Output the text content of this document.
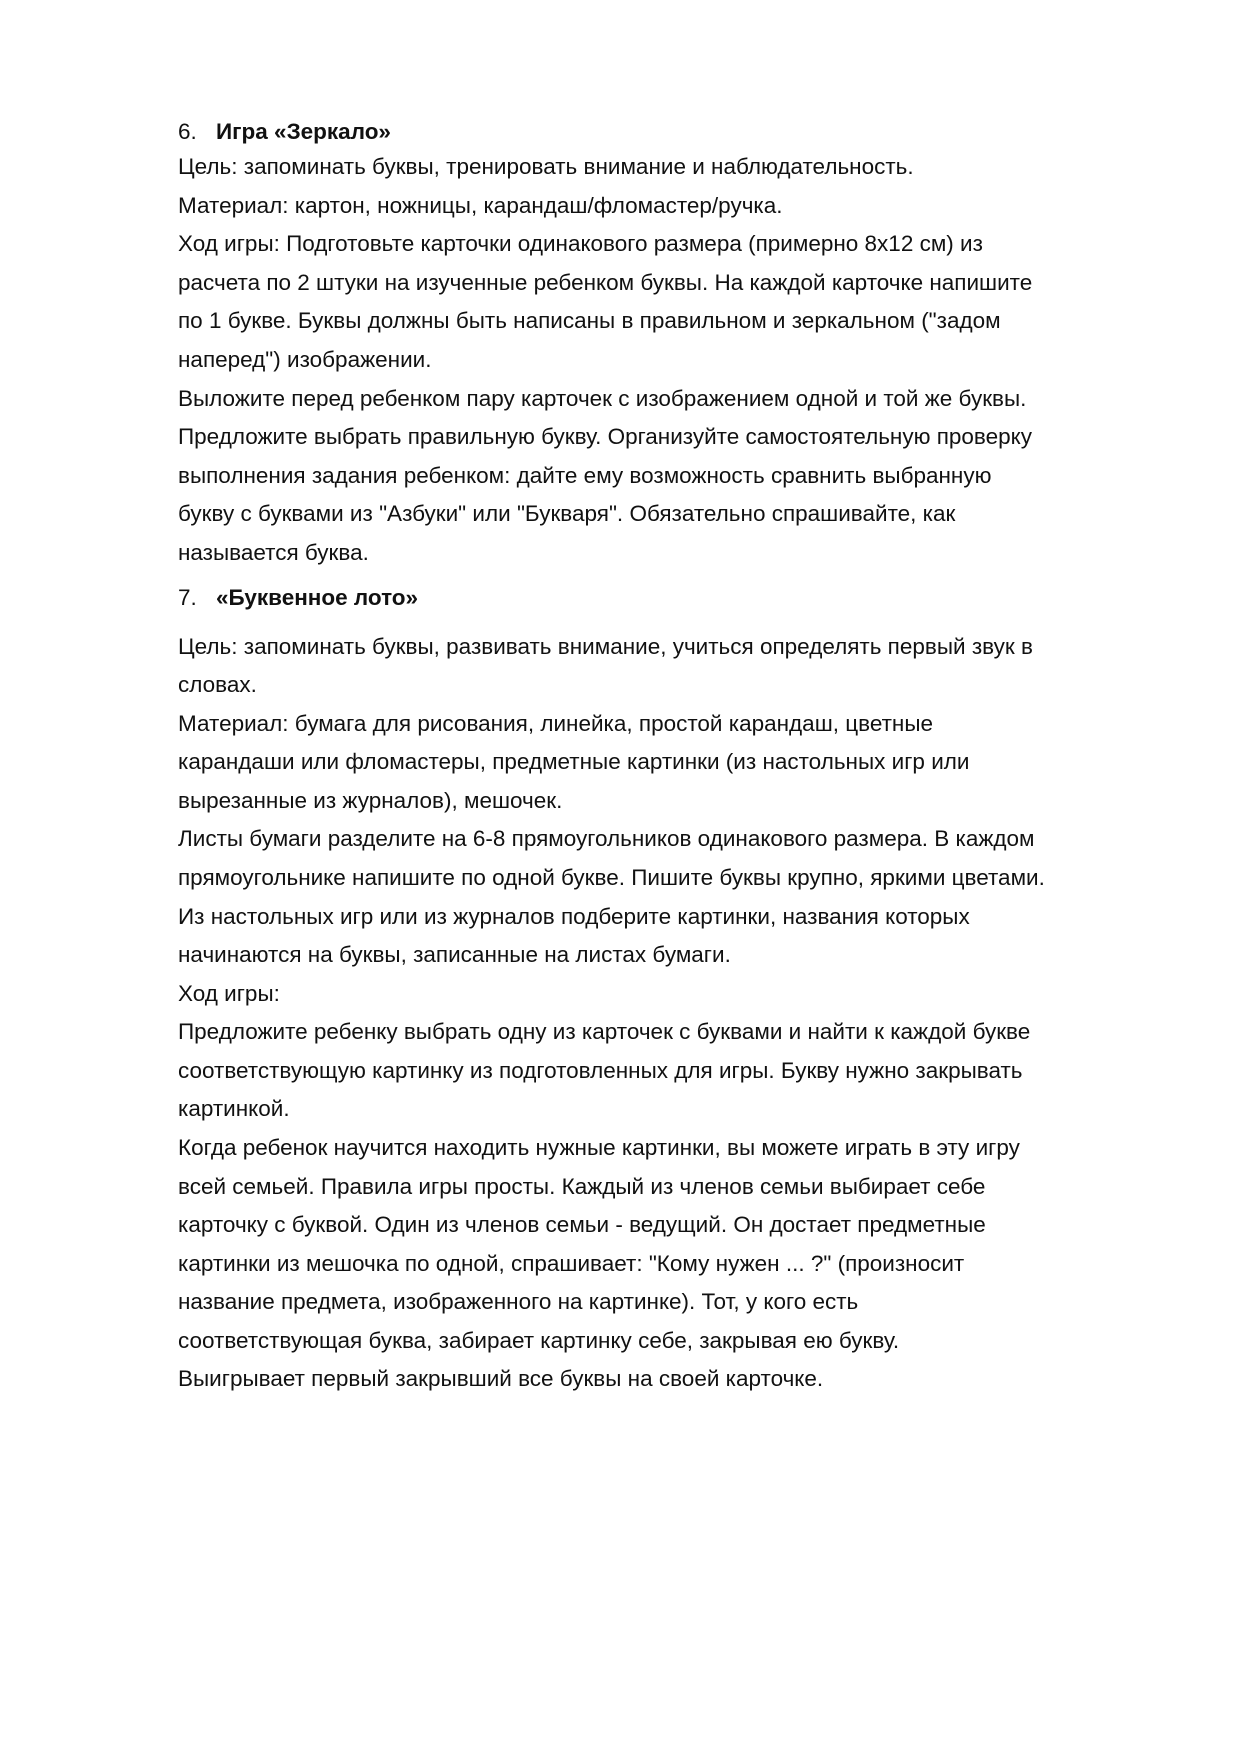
6. Игра «Зеркало»

Цель: запоминать буквы, тренировать внимание и наблюдательность.

Материал: картон, ножницы, карандаш/фломастер/ручка.

Ход игры: Подготовьте карточки одинакового размера (примерно 8х12 см) из

расчета по 2 штуки на изученные ребенком буквы. На каждой карточке напишите

по 1 букве. Буквы должны быть написаны в правильном и зеркальном ("задом

наперед") изображении.

Выложите перед ребенком пару карточек с изображением одной и той же буквы.

Предложите выбрать правильную букву. Организуйте самостоятельную проверку

выполнения задания ребенком: дайте ему возможность сравнить выбранную

букву с буквами из "Азбуки" или "Букваря". Обязательно спрашивайте, как

называется буква.

7. «Буквенное лото»

Цель: запоминать буквы, развивать внимание, учиться определять первый звук в

словах.

Материал: бумага для рисования, линейка, простой карандаш, цветные

карандаши или фломастеры, предметные картинки (из настольных игр или

вырезанные из журналов), мешочек.

Листы бумаги разделите на 6-8 прямоугольников одинакового размера. В каждом

прямоугольнике напишите по одной букве. Пишите буквы крупно, яркими цветами.

Из настольных игр или из журналов подберите картинки, названия которых

начинаются на буквы, записанные на листах бумаги.

Ход игры:

Предложите ребенку выбрать одну из карточек с буквами и найти к каждой букве

соответствующую картинку из подготовленных для игры. Букву нужно закрывать

картинкой.

Когда ребенок научится находить нужные картинки, вы можете играть в эту игру

всей семьей. Правила игры просты. Каждый из членов семьи выбирает себе

карточку с буквой. Один из членов семьи - ведущий. Он достает предметные

картинки из мешочка по одной, спрашивает: "Кому нужен ... ?" (произносит

название предмета, изображенного на картинке). Тот, у кого есть

соответствующая буква, забирает картинку себе, закрывая ею букву.

Выигрывает первый закрывший все буквы на своей карточке.
